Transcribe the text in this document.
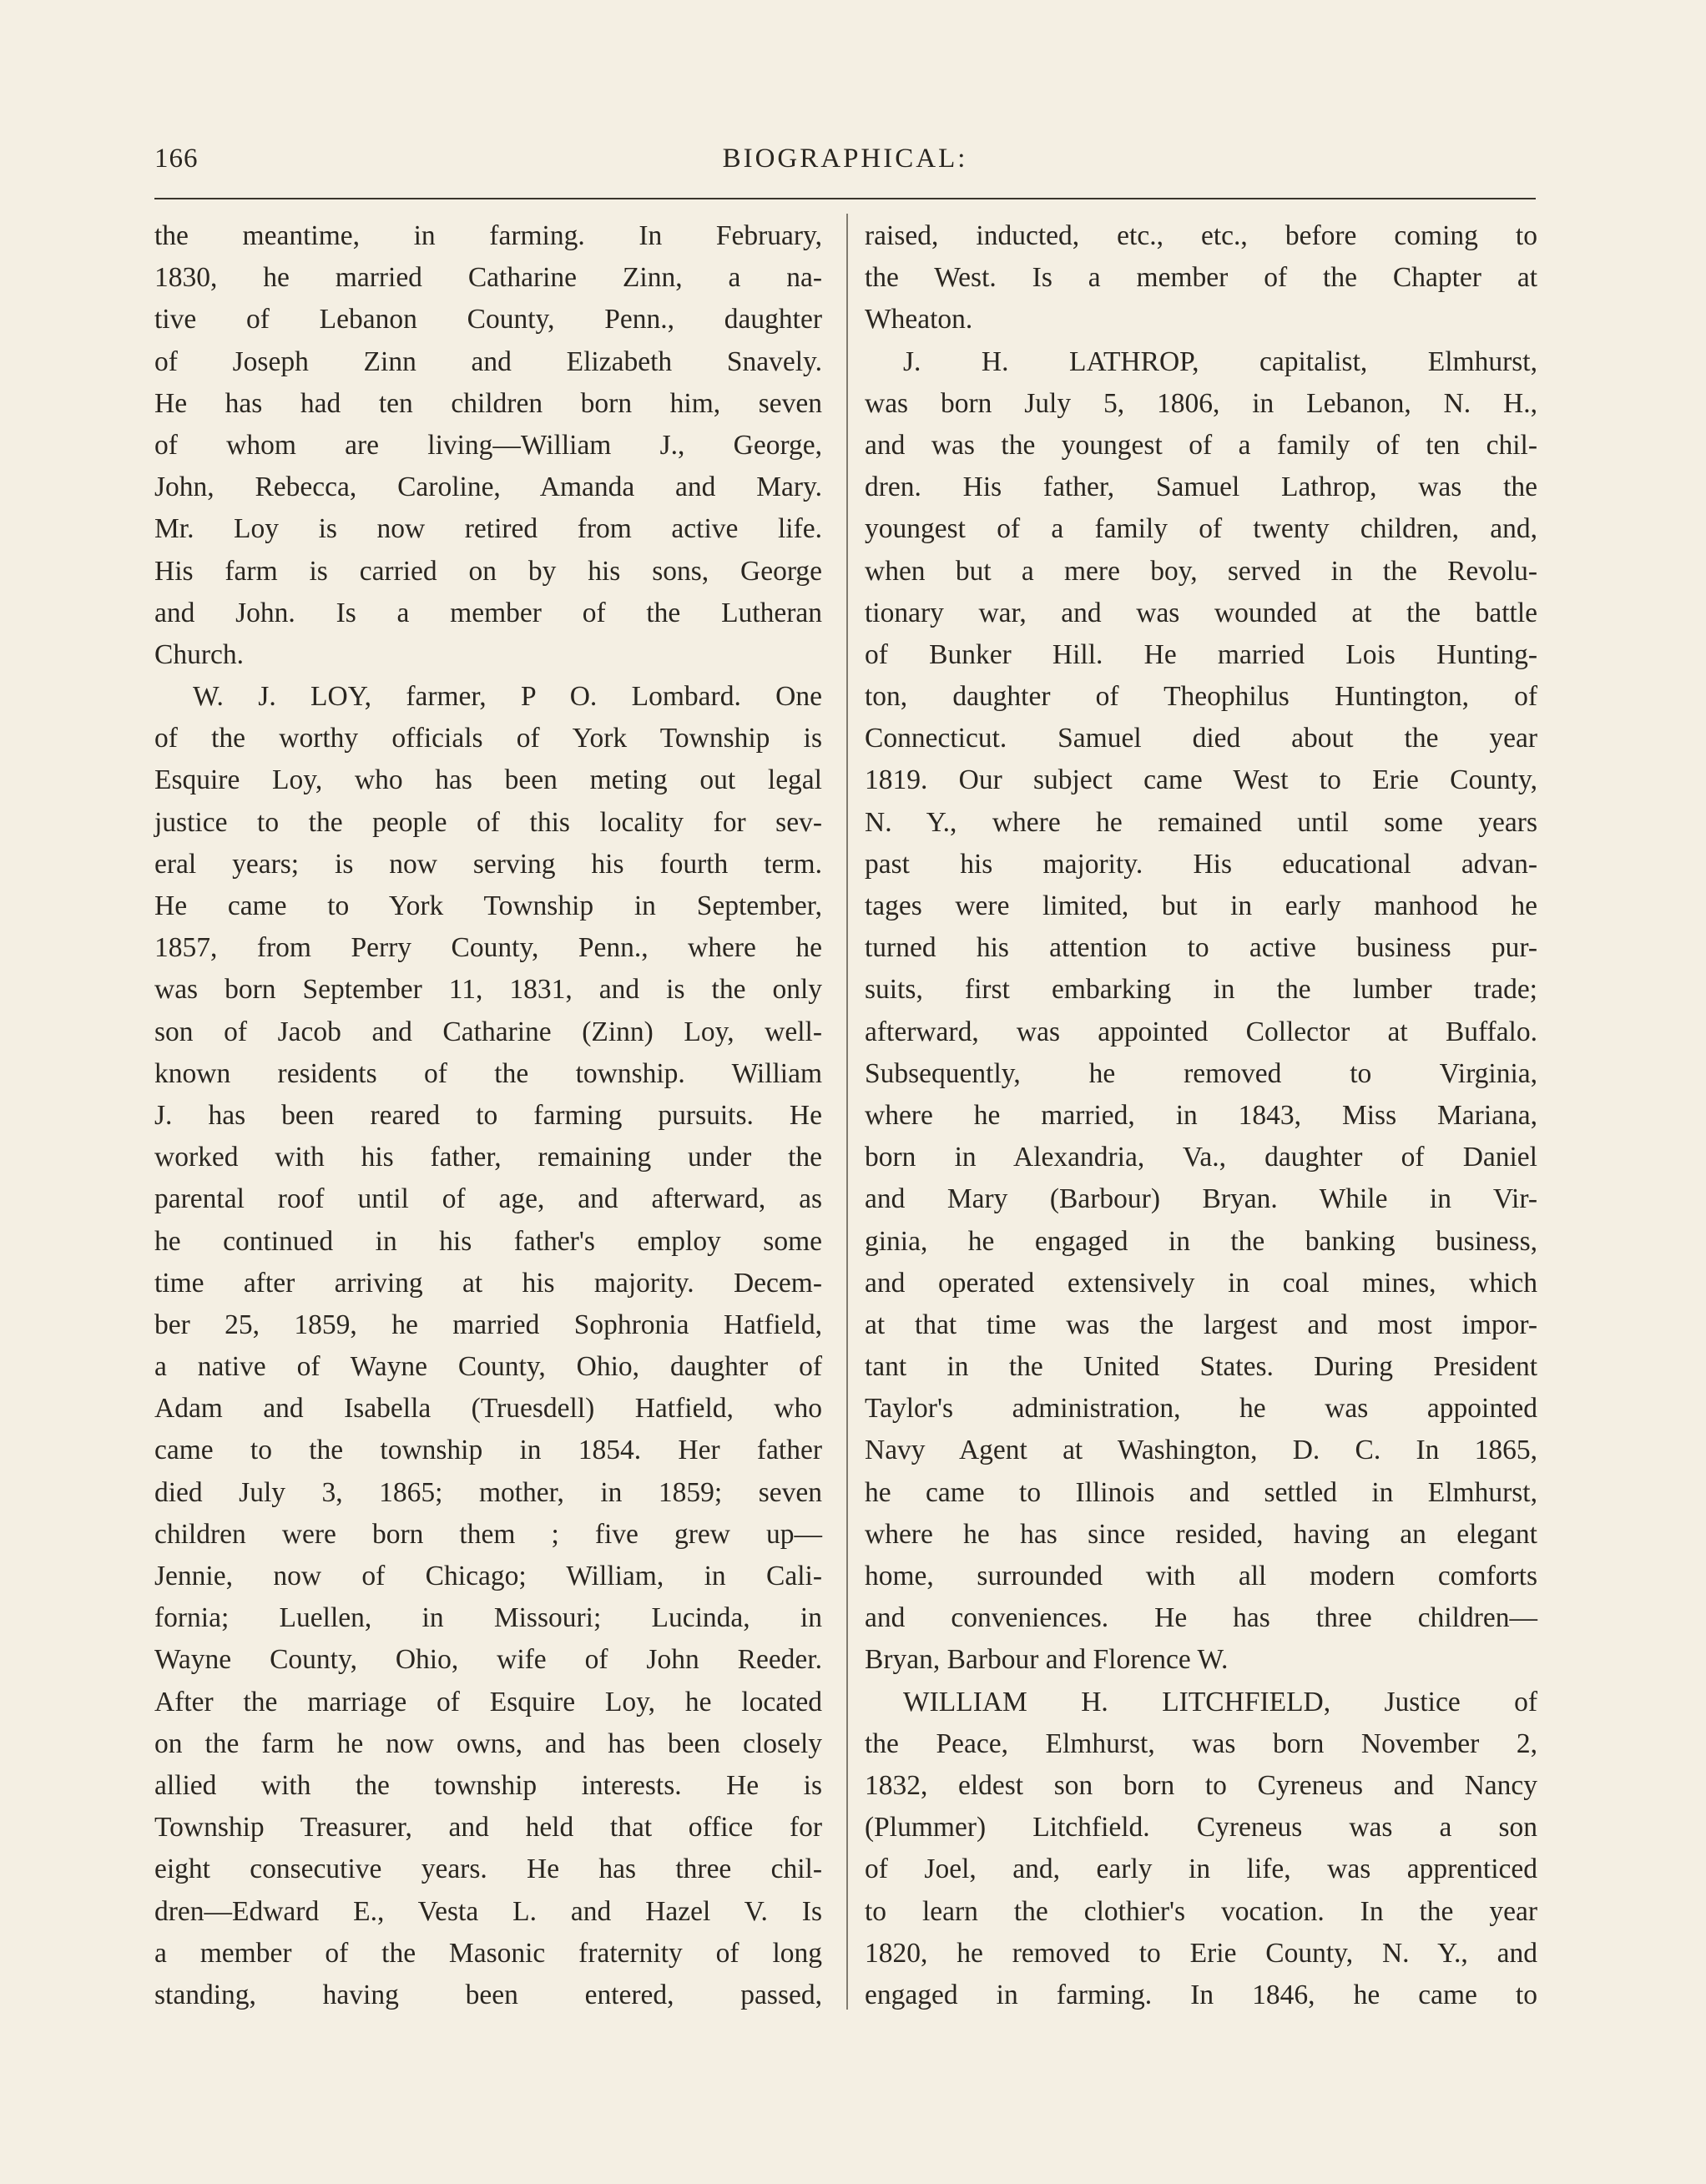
166	BIOGRAPHICAL:
the meantime, in farming. In February,
1830, he married Catharine Zinn, a na-
tive of Lebanon County, Penn., daughter
of Joseph Zinn and Elizabeth Snavely.
He has had ten children born him, seven
of whom are living—William J., George,
John, Rebecca, Caroline, Amanda and Mary.
Mr. Loy is now retired from active life.
His farm is carried on by his sons, George
and John. Is a member of the Lutheran
Church.
W. J. LOY, farmer, P O. Lombard. One
of the worthy officials of York Township is
Esquire Loy, who has been meting out legal
justice to the people of this locality for sev-
eral years; is now serving his fourth term.
He came to York Township in September,
1857, from Perry County, Penn., where he
was born September 11, 1831, and is the only
son of Jacob and Catharine (Zinn) Loy, well-
known residents of the township. William
J. has been reared to farming pursuits. He
worked with his father, remaining under the
parental roof until of age, and afterward, as
he continued in his father's employ some
time after arriving at his majority. Decem-
ber 25, 1859, he married Sophronia Hatfield,
a native of Wayne County, Ohio, daughter of
Adam and Isabella (Truesdell) Hatfield, who
came to the township in 1854. Her father
died July 3, 1865; mother, in 1859; seven
children were born them ; five grew up—
Jennie, now of Chicago; William, in Cali-
fornia; Luellen, in Missouri; Lucinda, in
Wayne County, Ohio, wife of John Reeder.
After the marriage of Esquire Loy, he located
on the farm he now owns, and has been closely
allied with the township interests. He is
Township Treasurer, and held that office for
eight consecutive years. He has three chil-
dren—Edward E., Vesta L. and Hazel V. Is
a member of the Masonic fraternity of long
standing, having been entered, passed,
raised, inducted, etc., etc., before coming to
the West. Is a member of the Chapter at
Wheaton.
J. H. LATHROP, capitalist, Elmhurst,
was born July 5, 1806, in Lebanon, N. H.,
and was the youngest of a family of ten chil-
dren. His father, Samuel Lathrop, was the
youngest of a family of twenty children, and,
when but a mere boy, served in the Revolu-
tionary war, and was wounded at the battle
of Bunker Hill. He married Lois Hunting-
ton, daughter of Theophilus Huntington, of
Connecticut. Samuel died about the year
1819. Our subject came West to Erie County,
N. Y., where he remained until some years
past his majority. His educational advan-
tages were limited, but in early manhood he
turned his attention to active business pur-
suits, first embarking in the lumber trade;
afterward, was appointed Collector at Buffalo.
Subsequently, he removed to Virginia,
where he married, in 1843, Miss Mariana,
born in Alexandria, Va., daughter of Daniel
and Mary (Barbour) Bryan. While in Vir-
ginia, he engaged in the banking business,
and operated extensively in coal mines, which
at that time was the largest and most impor-
tant in the United States. During President
Taylor's administration, he was appointed
Navy Agent at Washington, D. C. In 1865,
he came to Illinois and settled in Elmhurst,
where he has since resided, having an elegant
home, surrounded with all modern comforts
and conveniences. He has three children—
Bryan, Barbour and Florence W.
WILLIAM H. LITCHFIELD, Justice of
the Peace, Elmhurst, was born November 2,
1832, eldest son born to Cyreneus and Nancy
(Plummer) Litchfield. Cyreneus was a son
of Joel, and, early in life, was apprenticed
to learn the clothier's vocation. In the year
1820, he removed to Erie County, N. Y., and
engaged in farming. In 1846, he came to
